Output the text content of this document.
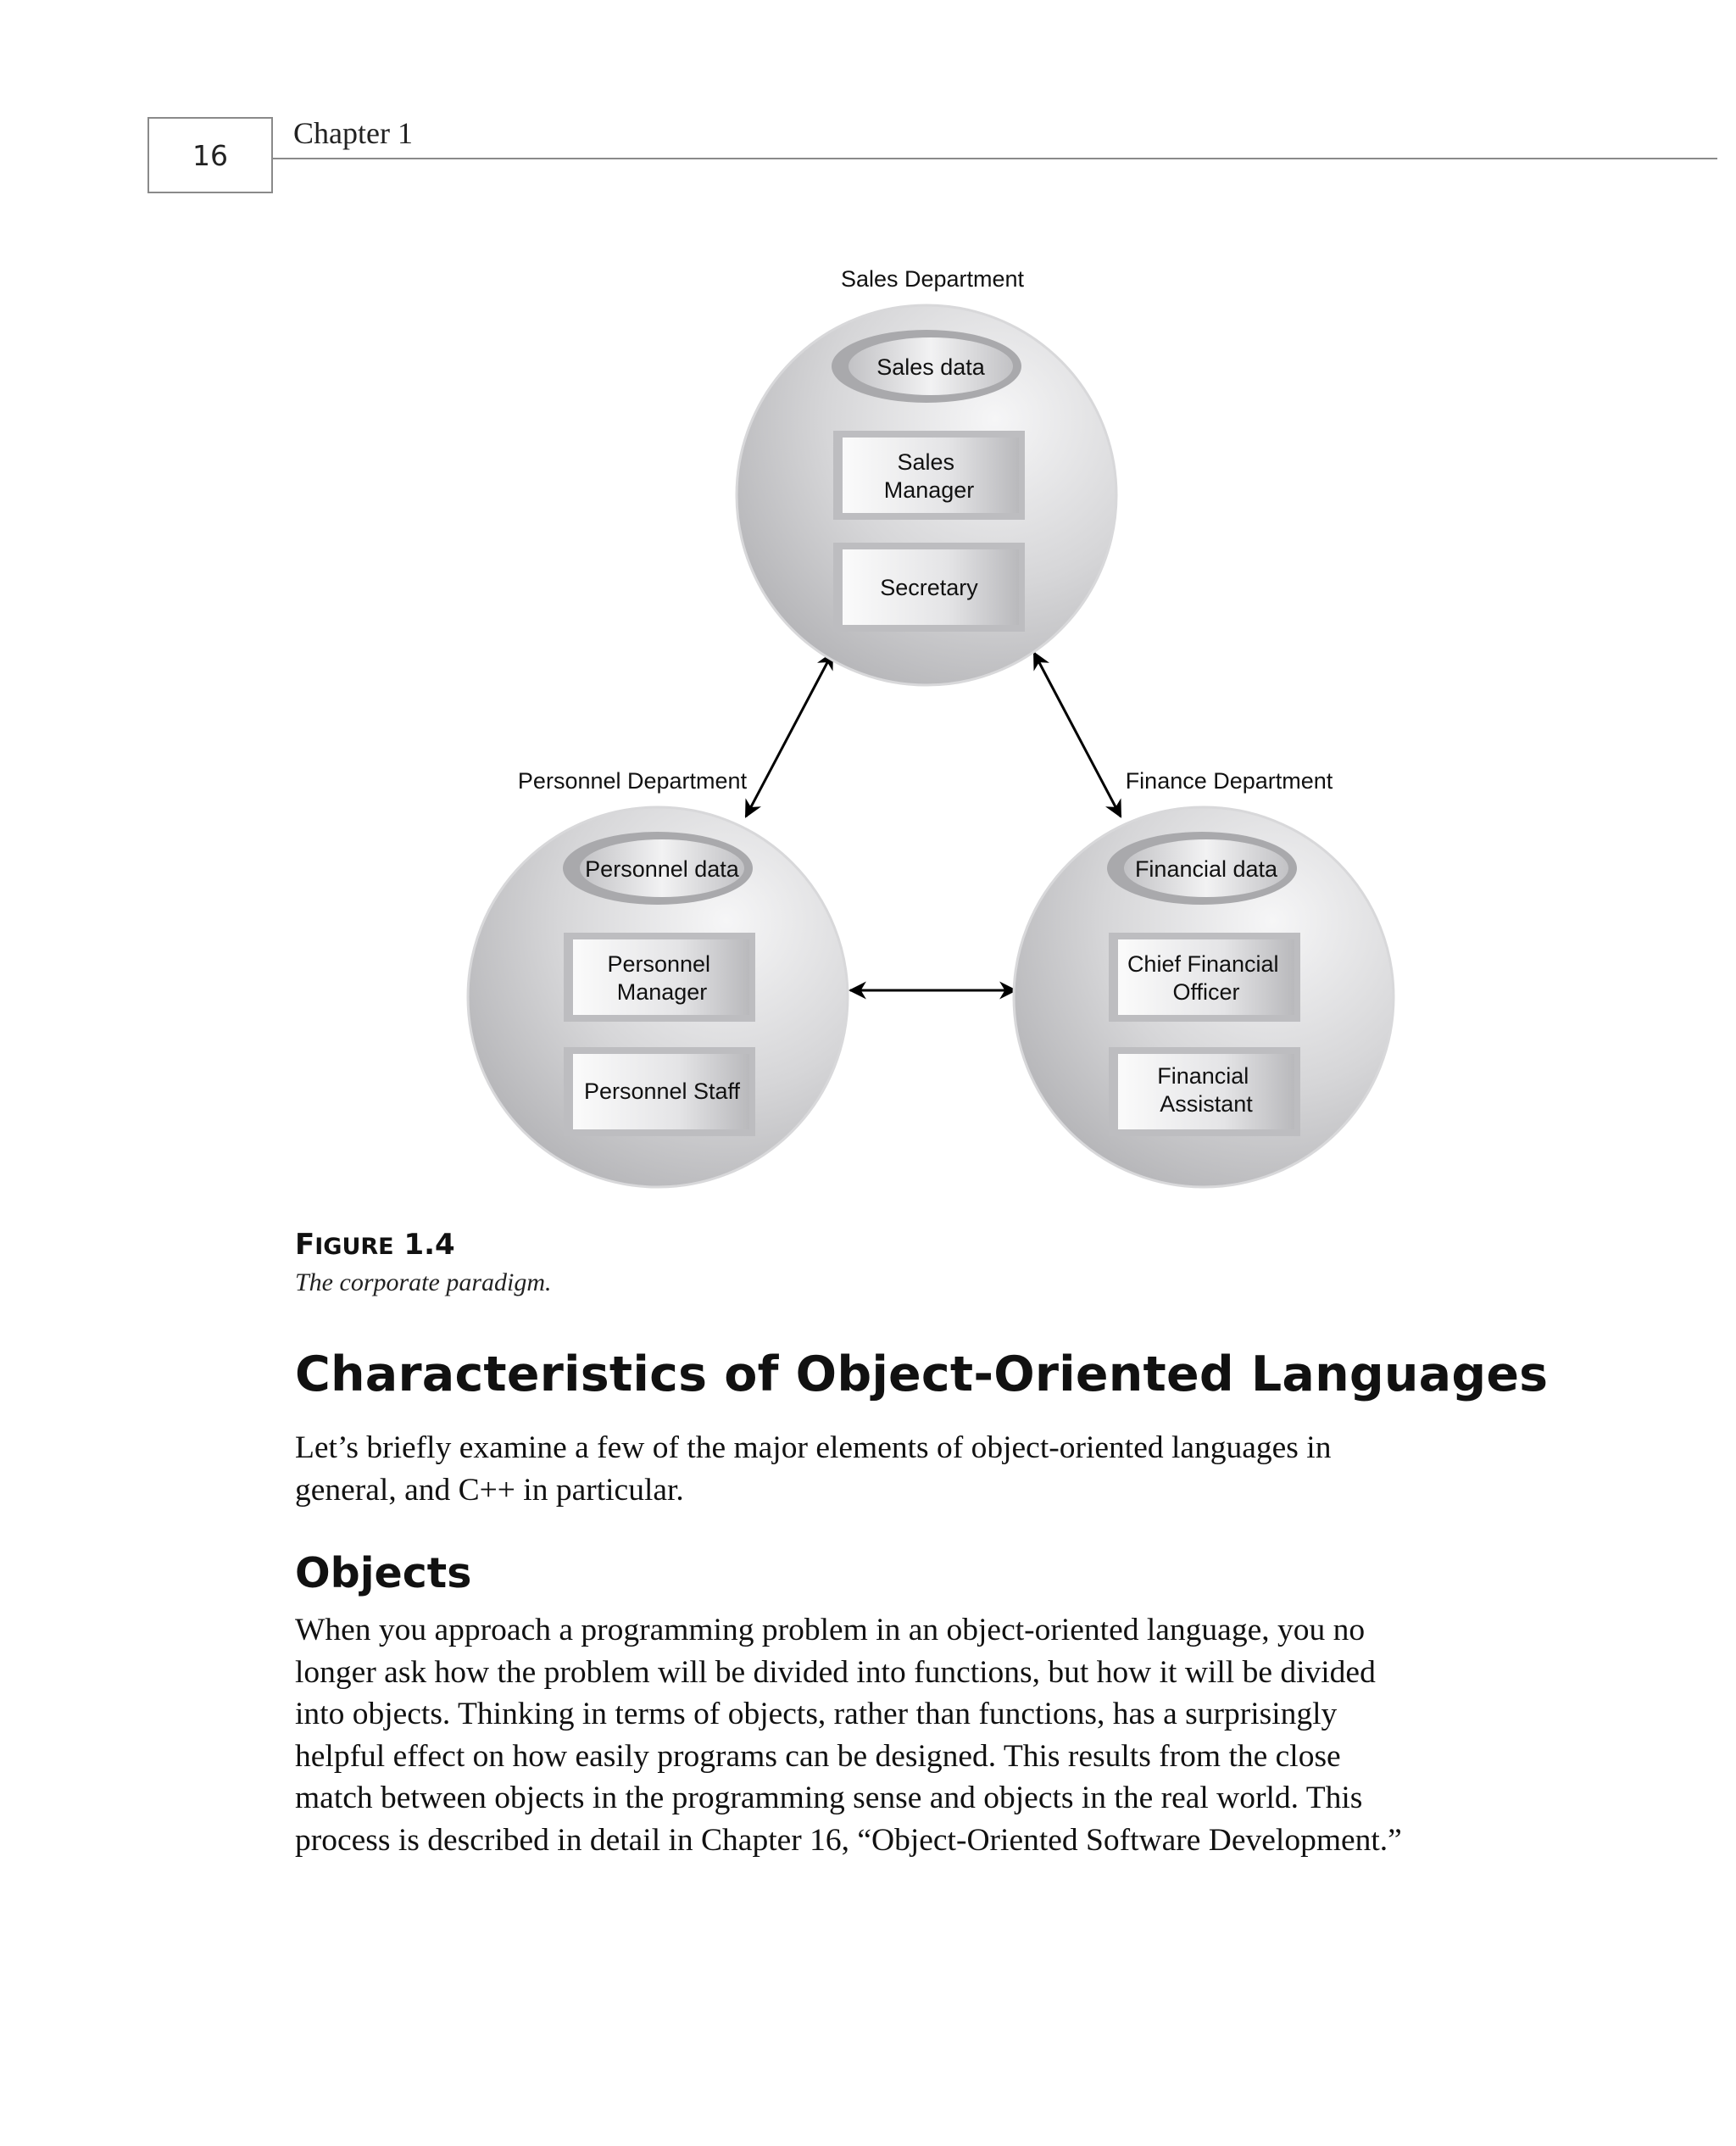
16
Chapter 1
Sales Department
Sales data
Sales Manager
Secretary
Personnel Department
Personnel data
Personnel Manager
Personnel Staff
Finance Department
Financial data
Chief Financial Officer
Financial Assistant
FIGURE 1.4
The corporate paradigm.
Characteristics of Object-Oriented Languages

Let’s briefly examine a few of the major elements of object-oriented languages in general, and C++ in particular.

Objects

When you approach a programming problem in an object-oriented language, you no longer ask how the problem will be divided into functions, but how it will be divided into objects. Thinking in terms of objects, rather than functions, has a surprisingly helpful effect on how easily programs can be designed. This results from the close match between objects in the programming sense and objects in the real world. This process is described in detail in Chapter 16, “Object-Oriented Software Development.”
